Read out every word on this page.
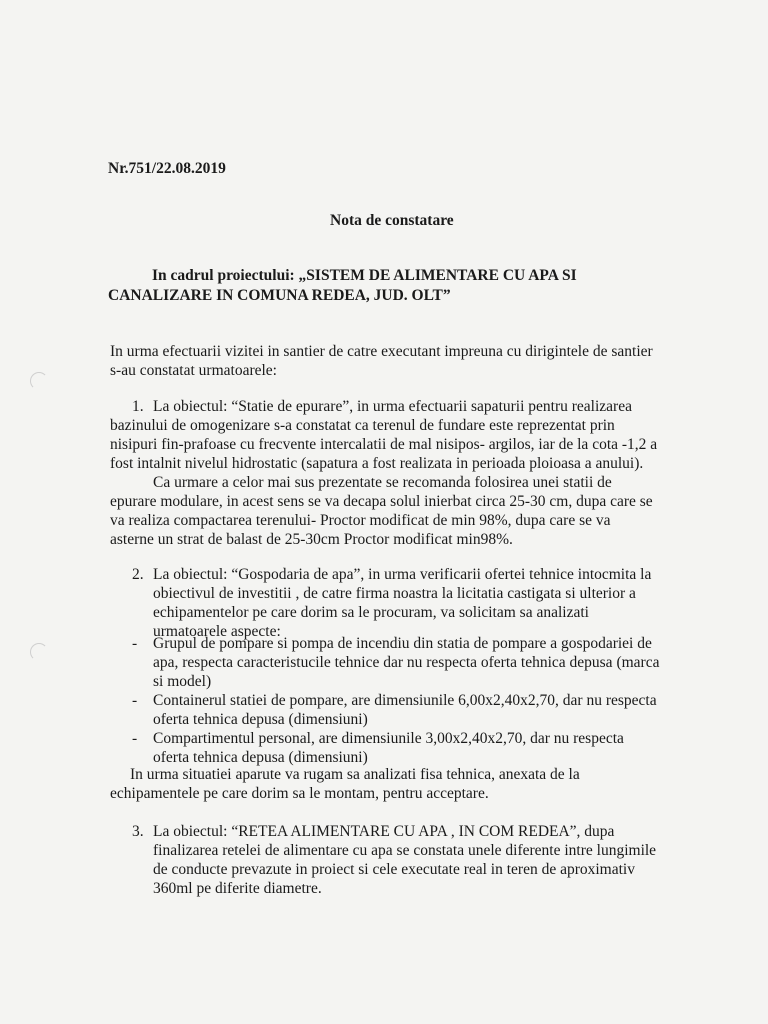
Nr.751/22.08.2019
Nota de constatare
In cadrul proiectului: „SISTEM DE ALIMENTARE CU APA SI
CANALIZARE IN COMUNA REDEA, JUD. OLT”
In urma efectuarii vizitei in santier de catre executant impreuna cu dirigintele de santier
s-au constatat urmatoarele:
1. La obiectul: “Statie de epurare”, in urma efectuarii sapaturii pentru realizarea
bazinului de omogenizare s-a constatat ca terenul de fundare este reprezentat prin
nisipuri fin-prafoase cu frecvente intercalatii de mal nisipos- argilos, iar de la cota -1,2 a
fost intalnit nivelul hidrostatic (sapatura a fost realizata in perioada ploioasa a anului).
Ca urmare a celor mai sus prezentate se recomanda folosirea unei statii de
epurare modulare, in acest sens se va decapa solul inierbat circa 25-30 cm, dupa care se
va realiza compactarea terenului- Proctor modificat de min 98%, dupa care se va
asterne un strat de balast de 25-30cm Proctor modificat min98%.
2. La obiectul: “Gospodaria de apa”, in urma verificarii ofertei tehnice intocmita la
obiectivul de investitii , de catre firma noastra la licitatia castigata si ulterior a
echipamentelor pe care dorim sa le procuram, va solicitam sa analizati
urmatoarele aspecte:
- Grupul de pompare si pompa de incendiu din statia de pompare a gospodariei de
apa, respecta caracteristucile tehnice dar nu respecta oferta tehnica depusa (marca
si model)
- Containerul statiei de pompare, are dimensiunile 6,00x2,40x2,70, dar nu respecta
oferta tehnica depusa (dimensiuni)
- Compartimentul personal, are dimensiunile 3,00x2,40x2,70, dar nu respecta
oferta tehnica depusa (dimensiuni)
In urma situatiei aparute va rugam sa analizati fisa tehnica, anexata de la
echipamentele pe care dorim sa le montam, pentru acceptare.
3. La obiectul: “RETEA ALIMENTARE CU APA , IN COM REDEA”, dupa
finalizarea retelei de alimentare cu apa se constata unele diferente intre lungimile
de conducte prevazute in proiect si cele executate real in teren de aproximativ
360ml pe diferite diametre.
